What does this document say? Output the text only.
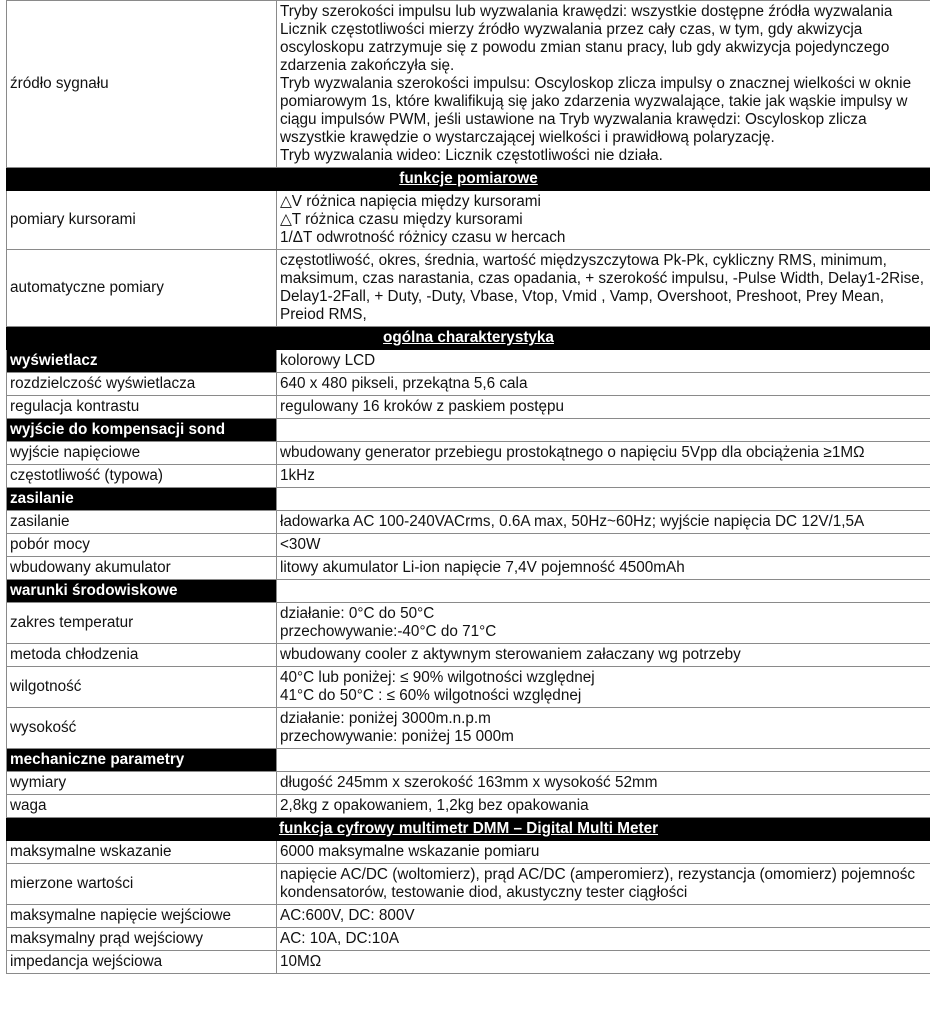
źródło sygnału	Tryby szerokości impulsu lub wyzwalania krawędzi: wszystkie dostępne źródła wyzwalania
Licznik częstotliwości mierzy źródło wyzwalania przez cały czas, w tym, gdy akwizycja oscyloskopu zatrzymuje się z powodu zmian stanu pracy, lub gdy akwizycja pojedynczego zdarzenia zakończyła się.
Tryb wyzwalania szerokości impulsu: Oscyloskop zlicza impulsy o znacznej wielkości w oknie pomiarowym 1s, które kwalifikują się jako zdarzenia wyzwalające, takie jak wąskie impulsy w ciągu impulsów PWM, jeśli ustawione na Tryb wyzwalania krawędzi: Oscyloskop zlicza wszystkie krawędzie o wystarczającej wielkości i prawidłową polaryzację.
Tryb wyzwalania wideo: Licznik częstotliwości nie działa.

funkcje pomiarowe	
pomiary kursorami	△V różnica napięcia między kursorami
△T różnica czasu między kursorami
1/ΔT odwrotność różnicy czasu w hercach

automatyczne pomiary	częstotliwość, okres, średnia, wartość międzyszczytowa Pk-Pk, cykliczny RMS, minimum, maksimum, czas narastania, czas opadania, + szerokość impulsu, -Pulse Width, Delay1-2Rise, Delay1-2Fall, + Duty, -Duty, Vbase, Vtop, Vmid , Vamp, Overshoot, Preshoot, Prey Mean, Preiod RMS,

ogólna charakterystyka	
wyświetlacz	kolorowy LCD

rozdzielczość wyświetlacza	640 x 480 pikseli, przekątna 5,6 cala

regulacja kontrastu	regulowany 16 kroków z paskiem postępu

wyjście do kompensacji sond	
wyjście napięciowe	wbudowany generator przebiegu prostokątnego o napięciu 5Vpp dla obciążenia ≥1MΩ

częstotliwość (typowa)	1kHz

zasilanie	
zasilanie	ładowarka AC 100-240VACrms, 0.6A max, 50Hz~60Hz; wyjście napięcia DC 12V/1,5A

pobór mocy	<30W

wbudowany akumulator	litowy akumulator Li-ion napięcie 7,4V pojemność 4500mAh

warunki środowiskowe	
zakres temperatur	działanie: 0°C do 50°C
przechowywanie:-40°C do 71°C

metoda chłodzenia	wbudowany cooler z aktywnym sterowaniem załaczany wg potrzeby

wilgotność	40°C lub poniżej: ≤ 90% wilgotności względnej
41°C do 50°C : ≤ 60% wilgotności względnej

wysokość	działanie: poniżej 3000m.n.p.m
przechowywanie: poniżej 15 000m

mechaniczne parametry	
wymiary	długość 245mm x szerokość 163mm x wysokość 52mm

waga	2,8kg z opakowaniem, 1,2kg bez opakowania

funkcja cyfrowy multimetr DMM – Digital Multi Meter	
maksymalne wskazanie	6000 maksymalne wskazanie pomiaru

mierzone wartości	napięcie AC/DC (woltomierz), prąd AC/DC (amperomierz), rezystancja (omomierz) pojemnośc kondensatorów, testowanie diod, akustyczny tester ciągłości

maksymalne napięcie wejściowe	AC:600V, DC: 800V

maksymalny prąd wejściowy	AC: 10A, DC:10A

impedancja wejściowa	10MΩ
